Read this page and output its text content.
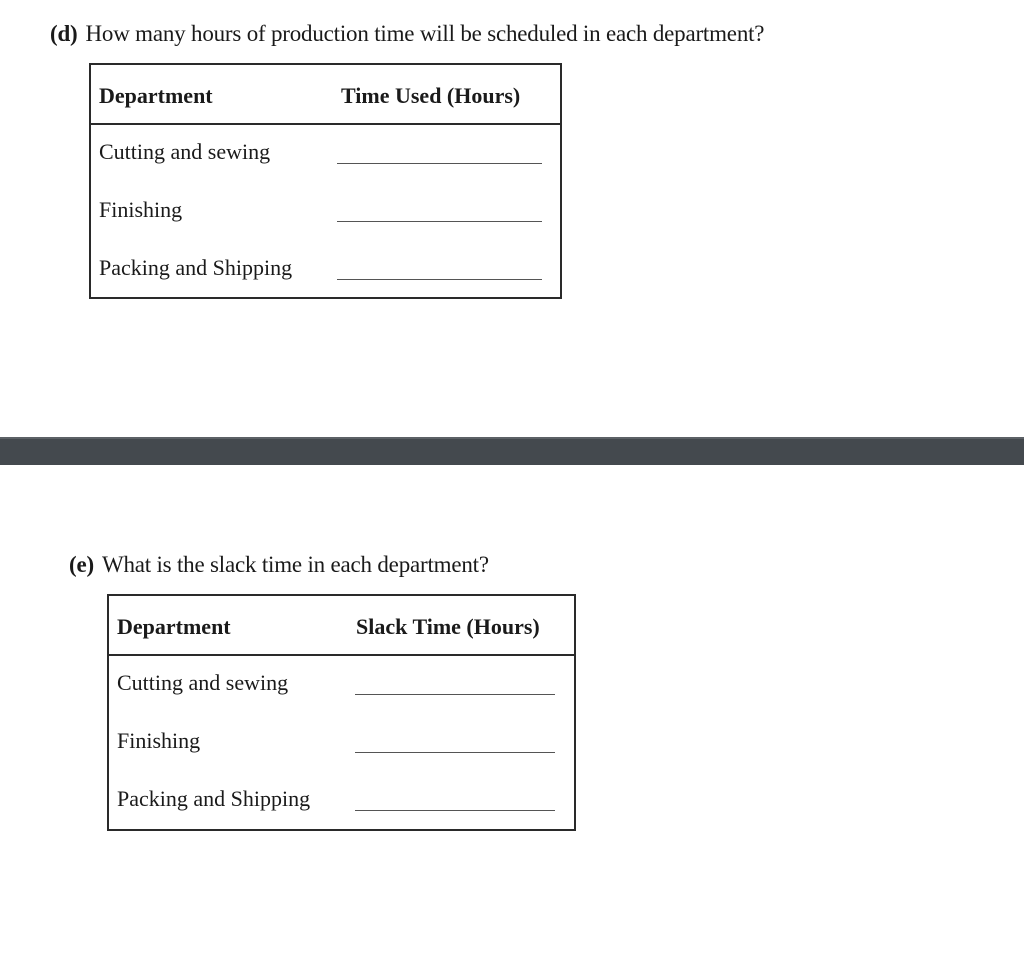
(d) How many hours of production time will be scheduled in each department?
Department	Time Used (Hours)
Cutting and sewing
Finishing
Packing and Shipping
(e) What is the slack time in each department?
Department	Slack Time (Hours)
Cutting and sewing
Finishing
Packing and Shipping
